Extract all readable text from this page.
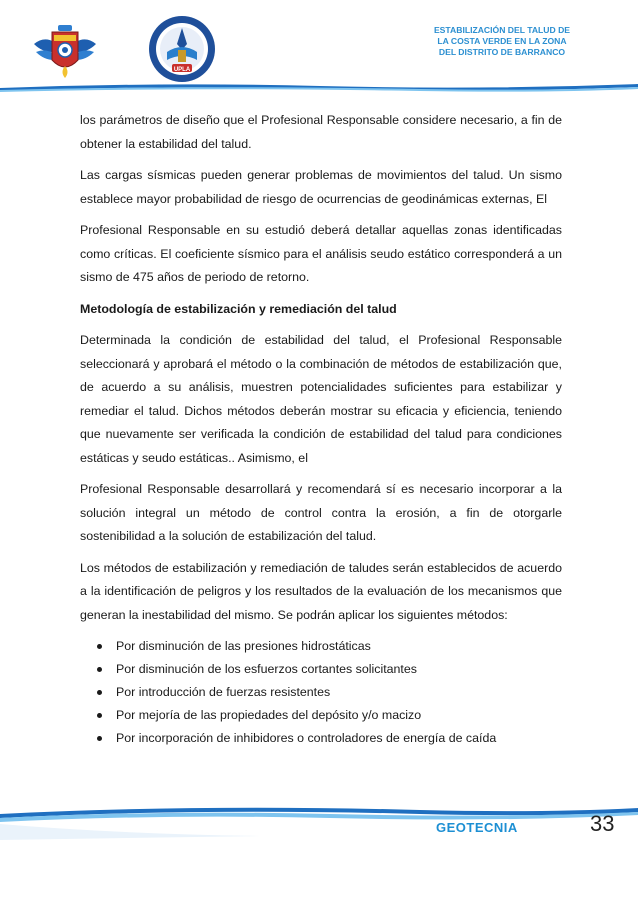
UPLA
ESTABILIZACIÓN DEL TALUD DE
LA COSTA VERDE EN LA ZONA
DEL DISTRITO DE BARRANCO

los parámetros de diseño que el Profesional Responsable considere necesario, a fin de obtener la estabilidad del talud.

Las cargas sísmicas pueden generar problemas de movimientos del talud. Un sismo establece mayor probabilidad de riesgo de ocurrencias de geodinámicas externas, El

Profesional Responsable en su estudió deberá detallar aquellas zonas identificadas como críticas. El coeficiente sísmico para el análisis seudo estático corresponderá a un sismo de 475 años de periodo de retorno.

Metodología de estabilización y remediación del talud

Determinada la condición de estabilidad del talud, el Profesional Responsable seleccionará y aprobará el método o la combinación de métodos de estabilización que, de acuerdo a su análisis, muestren potencialidades suficientes para estabilizar y remediar el talud. Dichos métodos deberán mostrar su eficacia y eficiencia, teniendo que nuevamente ser verificada la condición de estabilidad del talud para condiciones estáticas y seudo estáticas.. Asimismo, el

Profesional Responsable desarrollará y recomendará sí es necesario incorporar a la solución integral un método de control contra la erosión, a fin de otorgarle sostenibilidad a la solución de estabilización del talud.

Los métodos de estabilización y remediación de taludes serán establecidos de acuerdo a la identificación de peligros y los resultados de la evaluación de los mecanismos que generan la inestabilidad del mismo. Se podrán aplicar los siguientes métodos:

Por disminución de las presiones hidrostáticas
Por disminución de los esfuerzos cortantes solicitantes
Por introducción de fuerzas resistentes
Por mejoría de las propiedades del depósito y/o macizo
Por incorporación de inhibidores o controladores de energía de caída
GEOTECNIA	33
